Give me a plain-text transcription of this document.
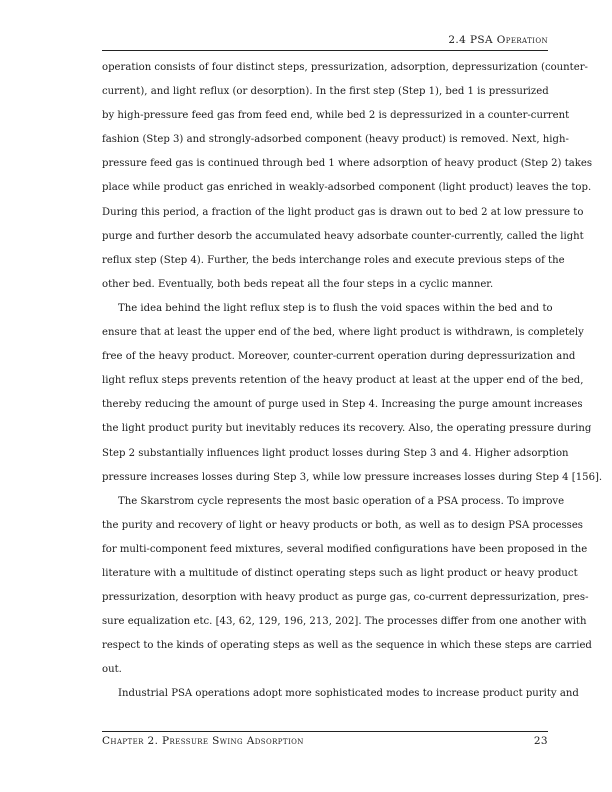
2.4 PSA Operation
operation consists of four distinct steps, pressurization, adsorption, depressurization (counter-
current), and light reflux (or desorption). In the first step (Step 1), bed 1 is pressurized
by high-pressure feed gas from feed end, while bed 2 is depressurized in a counter-current
fashion (Step 3) and strongly-adsorbed component (heavy product) is removed. Next, high-
pressure feed gas is continued through bed 1 where adsorption of heavy product (Step 2) takes
place while product gas enriched in weakly-adsorbed component (light product) leaves the top.
During this period, a fraction of the light product gas is drawn out to bed 2 at low pressure to
purge and further desorb the accumulated heavy adsorbate counter-currently, called the light
reflux step (Step 4). Further, the beds interchange roles and execute previous steps of the
other bed. Eventually, both beds repeat all the four steps in a cyclic manner.
The idea behind the light reflux step is to flush the void spaces within the bed and to
ensure that at least the upper end of the bed, where light product is withdrawn, is completely
free of the heavy product. Moreover, counter-current operation during depressurization and
light reflux steps prevents retention of the heavy product at least at the upper end of the bed,
thereby reducing the amount of purge used in Step 4. Increasing the purge amount increases
the light product purity but inevitably reduces its recovery. Also, the operating pressure during
Step 2 substantially influences light product losses during Step 3 and 4. Higher adsorption
pressure increases losses during Step 3, while low pressure increases losses during Step 4 [156].
The Skarstrom cycle represents the most basic operation of a PSA process. To improve
the purity and recovery of light or heavy products or both, as well as to design PSA processes
for multi-component feed mixtures, several modified configurations have been proposed in the
literature with a multitude of distinct operating steps such as light product or heavy product
pressurization, desorption with heavy product as purge gas, co-current depressurization, pres-
sure equalization etc. [43, 62, 129, 196, 213, 202]. The processes differ from one another with
respect to the kinds of operating steps as well as the sequence in which these steps are carried
out.
Industrial PSA operations adopt more sophisticated modes to increase product purity and
Chapter 2. Pressure Swing Adsorption	23
